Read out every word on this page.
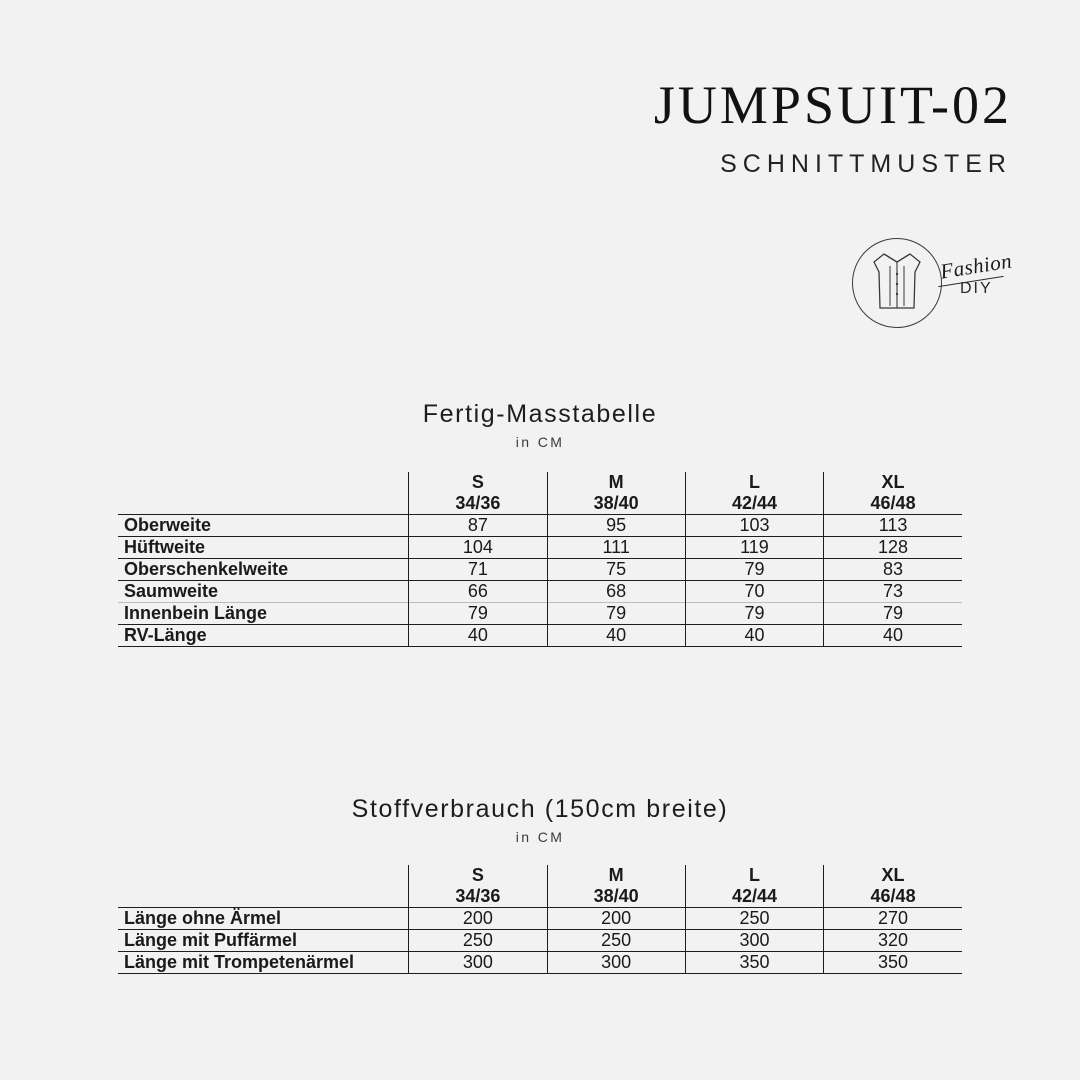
JUMPSUIT-02
SCHNITTMUSTER
Fashion
DIY
Fertig-Masstabelle
in CM
	S	M	L	XL
	34/36	38/40	42/44	46/48
Oberweite	87	95	103	113
Hüftweite	104	111	119	128
Oberschenkelweite	71	75	79	83
Saumweite	66	68	70	73
Innenbein Länge	79	79	79	79
RV-Länge	40	40	40	40
Stoffverbrauch (150cm breite)
in CM
	S	M	L	XL
	34/36	38/40	42/44	46/48
Länge ohne Ärmel	200	200	250	270
Länge mit Puffärmel	250	250	300	320
Länge mit Trompetenärmel	300	300	350	350
